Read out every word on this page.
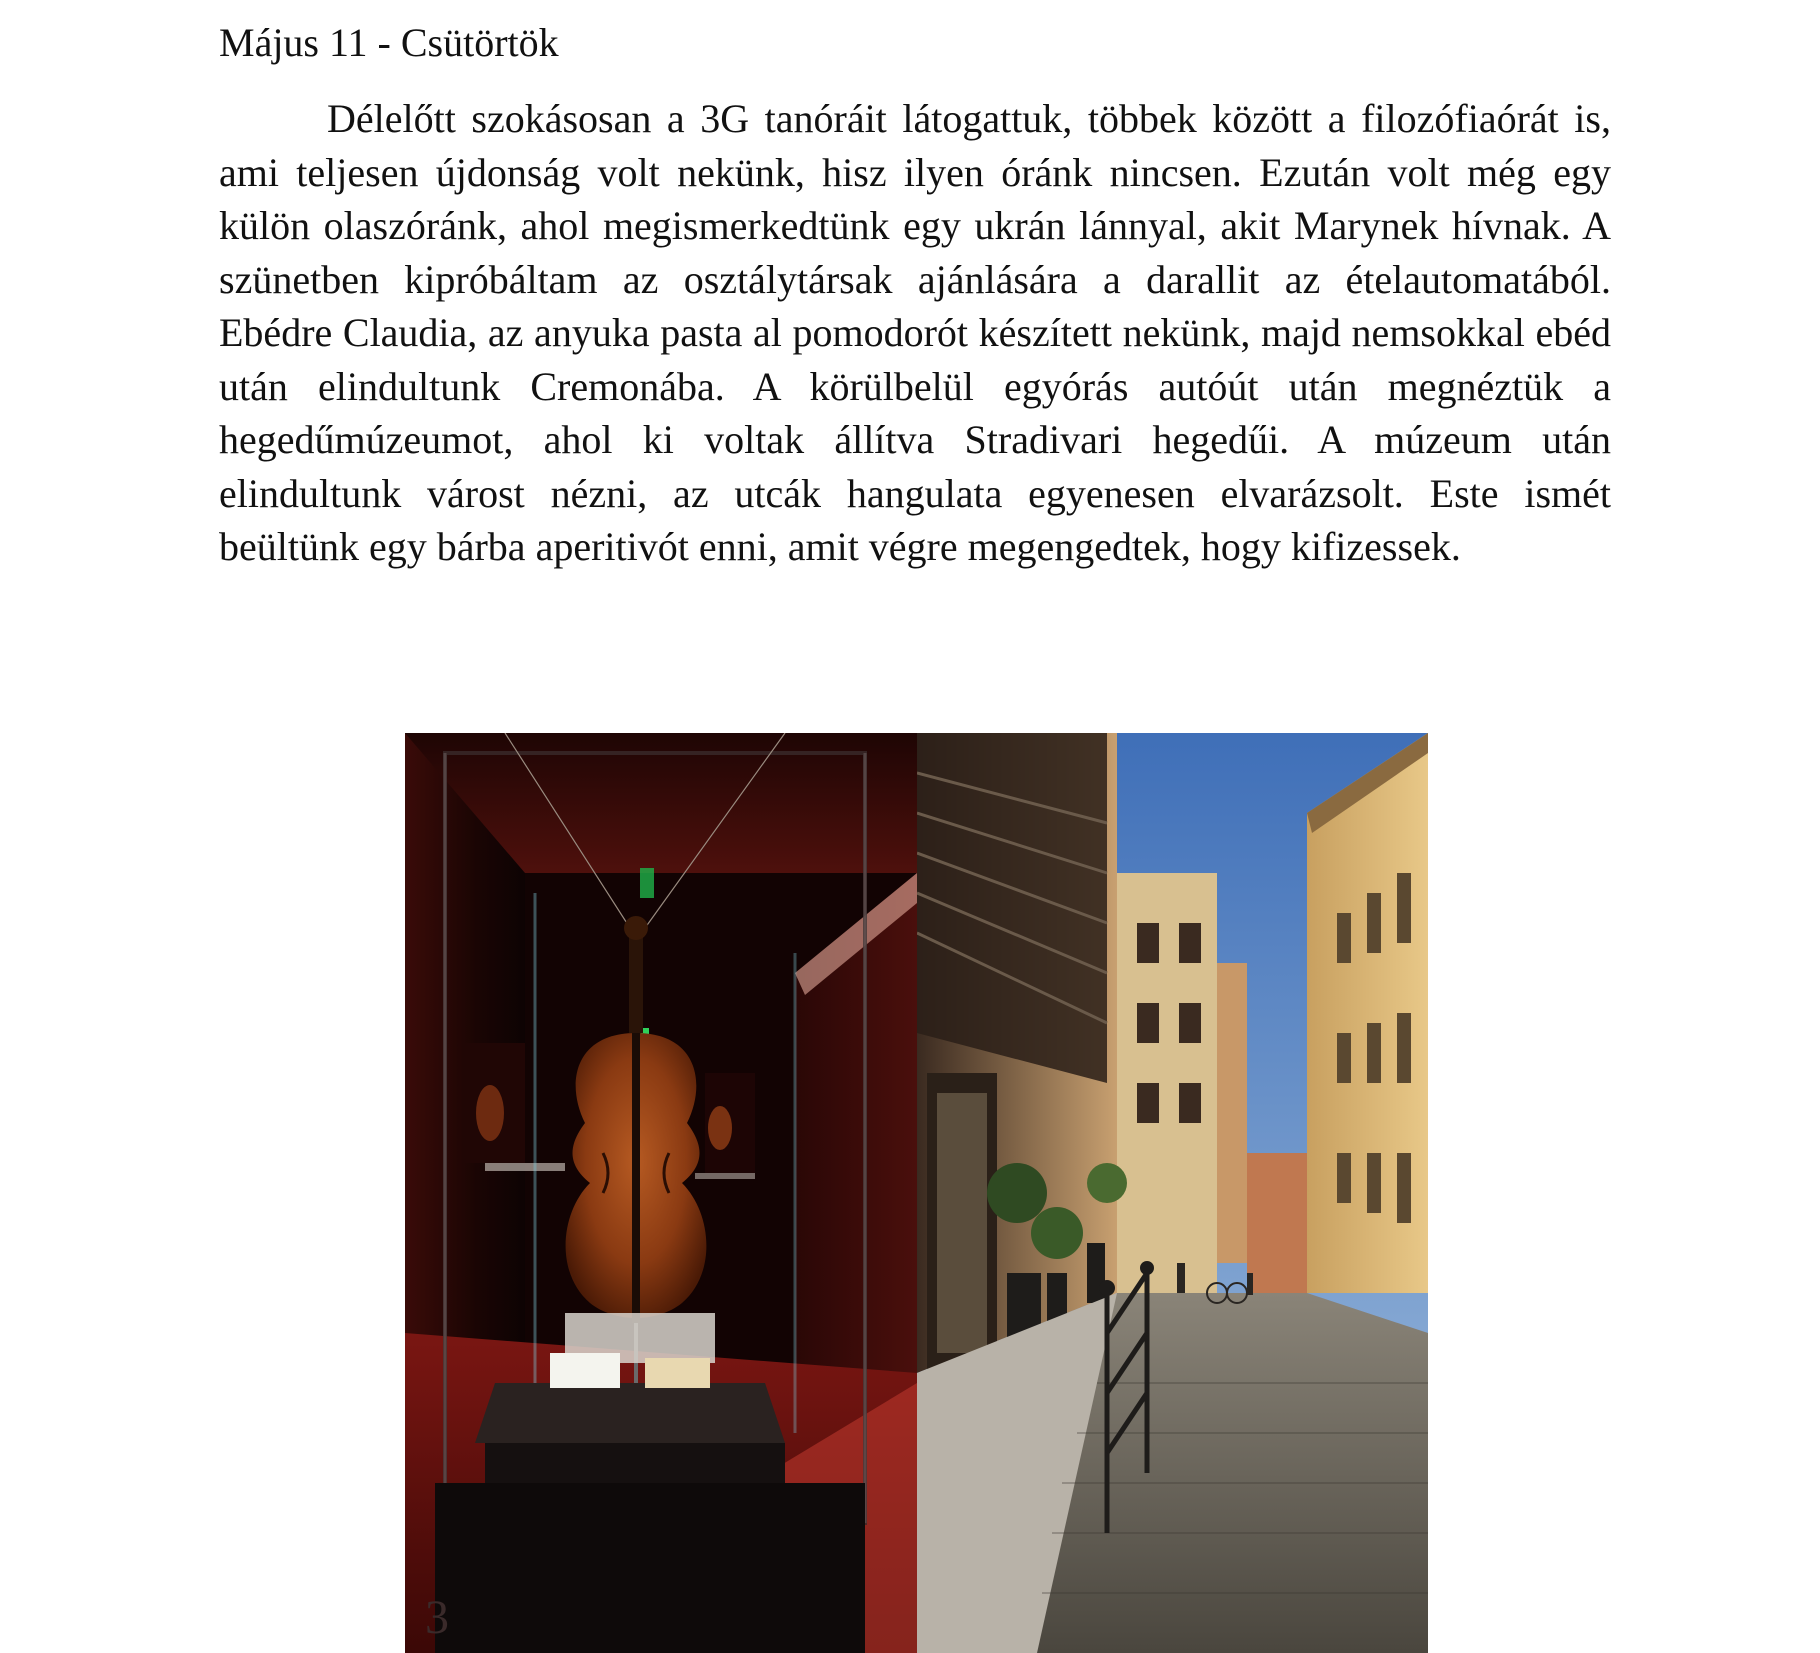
Május 11 - Csütörtök

Délelőtt szokásosan a 3G tanóráit látogattuk, többek között a filozófiaórát is, ami teljesen újdonság volt nekünk, hisz ilyen óránk nincsen. Ezután volt még egy külön olaszóránk, ahol megismerkedtünk egy ukrán lánnyal, akit Marynek hívnak. A szünetben kipróbáltam az osztálytársak ajánlására a darallit az ételautomatából. Ebédre Claudia, az anyuka pasta al pomodorót készített nekünk, majd nemsokkal ebéd után elindultunk Cremonába. A körülbelül egyórás autóút után megnéztük a hegedűmúzeumot, ahol ki voltak állítva Stradivari hegedűi. A múzeum után elindultunk várost nézni, az utcák hangulata egyenesen elvarázsolt. Este ismét beültünk egy bárba aperitivót enni, amit végre megengedtek, hogy kifizessek.

3
